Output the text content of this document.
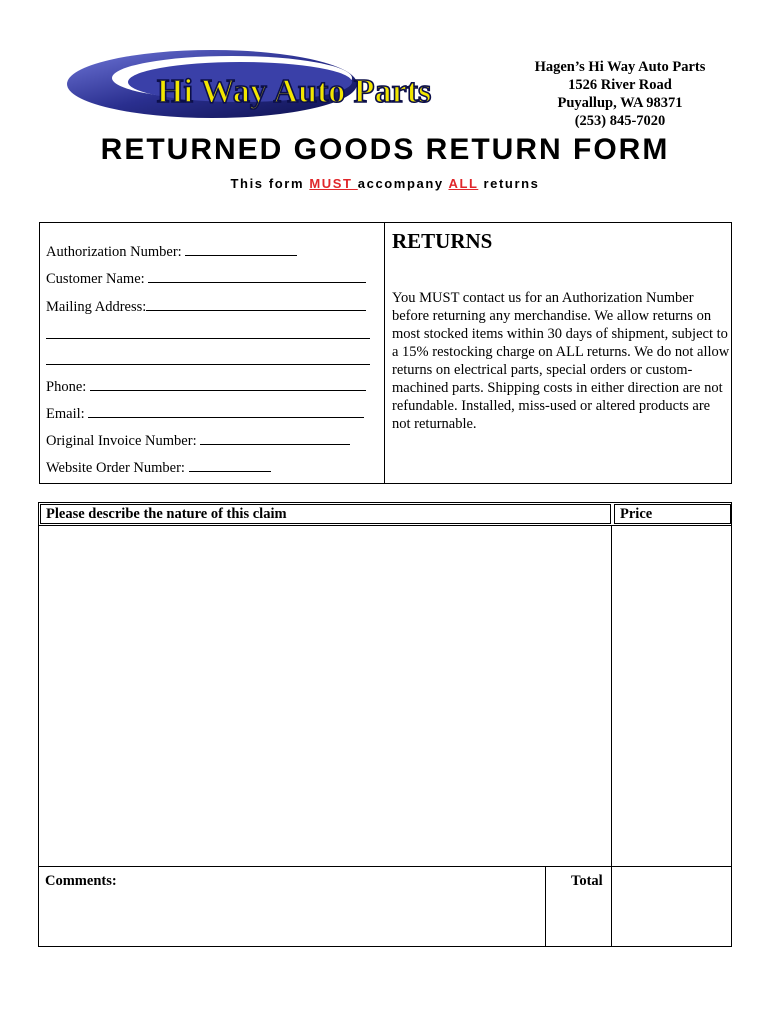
Hi Way Auto Parts
Hagen’s Hi Way Auto Parts
1526 River Road
Puyallup, WA 98371
(253) 845-7020
RETURNED GOODS RETURN FORM
This form MUST accompany ALL returns
Authorization Number:
Customer Name:
Mailing Address:
Phone:
Email:
Original Invoice Number:
Website Order Number:
RETURNS
You MUST contact us for an Authorization Number before returning any merchandise. We allow returns on most stocked items within 30 days of shipment, subject to a 15% restocking charge on ALL returns. We do not allow returns on electrical parts, special orders or custom-machined parts. Shipping costs in either direction are not refundable. Installed, miss-used or altered products are not returnable.
Please describe the nature of this claim	Price
Comments:	Total
